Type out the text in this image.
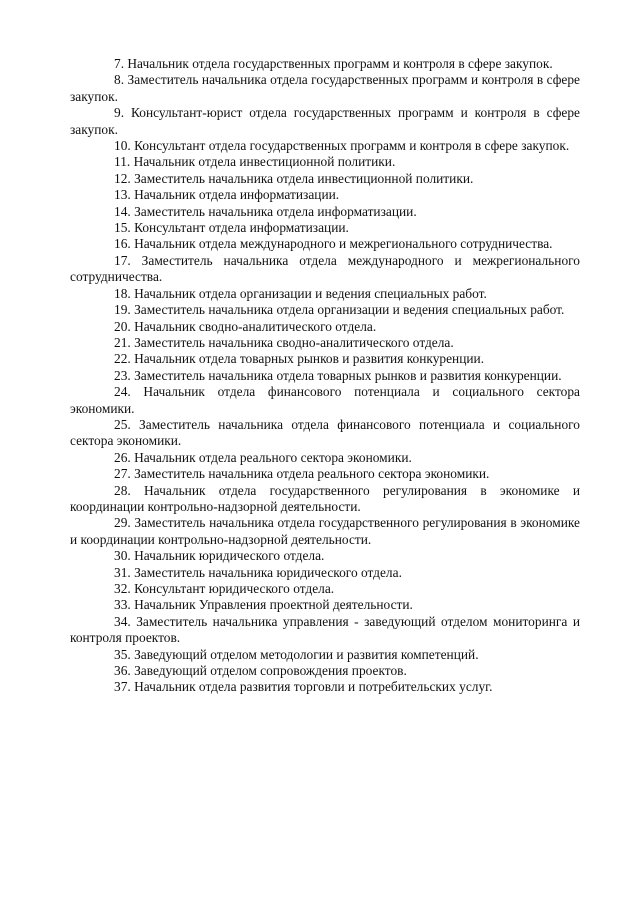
7. Начальник отдела государственных программ и контроля в сфере закупок.

8. Заместитель начальника отдела государственных программ и контроля в сфере закупок.

9. Консультант-юрист отдела государственных программ и контроля в сфере закупок.

10. Консультант отдела государственных программ и контроля в сфере закупок.

11. Начальник отдела инвестиционной политики.

12. Заместитель начальника отдела инвестиционной политики.

13. Начальник отдела информатизации.

14. Заместитель начальника отдела информатизации.

15. Консультант отдела информатизации.

16. Начальник отдела международного и межрегионального сотрудничества.

17. Заместитель начальника отдела международного и межрегионального сотрудничества.

18. Начальник отдела организации и ведения специальных работ.

19. Заместитель начальника отдела организации и ведения специальных работ.

20. Начальник сводно-аналитического отдела.

21. Заместитель начальника сводно-аналитического отдела.

22. Начальник отдела товарных рынков и развития конкуренции.

23. Заместитель начальника отдела товарных рынков и развития конкуренции.

24. Начальник отдела финансового потенциала и социального сектора экономики.

25. Заместитель начальника отдела финансового потенциала и социального сектора экономики.

26. Начальник отдела реального сектора экономики.

27. Заместитель начальника отдела реального сектора экономики.

28. Начальник отдела государственного регулирования в экономике и координации контрольно-надзорной деятельности.

29. Заместитель начальника отдела государственного регулирования в экономике и координации контрольно-надзорной деятельности.

30. Начальник юридического отдела.

31. Заместитель начальника юридического отдела.

32. Консультант юридического отдела.

33. Начальник Управления проектной деятельности.

34. Заместитель начальника управления - заведующий отделом мониторинга и контроля проектов.

35. Заведующий отделом методологии и развития компетенций.

36. Заведующий отделом сопровождения проектов.

37. Начальник отдела развития торговли и потребительских услуг.
